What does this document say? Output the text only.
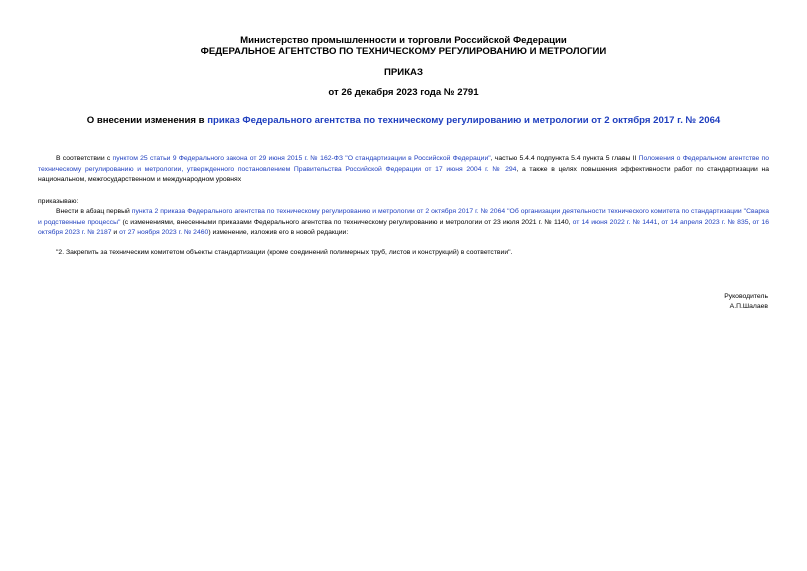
Министерство промышленности и торговли Российской Федерации
ФЕДЕРАЛЬНОЕ АГЕНТСТВО ПО ТЕХНИЧЕСКОМУ РЕГУЛИРОВАНИЮ И МЕТРОЛОГИИ
ПРИКАЗ
от 26 декабря 2023 года № 2791
О внесении изменения в приказ Федерального агентства по техническому регулированию и метрологии от 2 октября 2017 г. № 2064
В соответствии с пунктом 25 статьи 9 Федерального закона от 29 июня 2015 г. № 162-ФЗ "О стандартизации в Российской Федерации", частью 5.4.4 подпункта 5.4 пункта 5 главы II Положения о Федеральном агентстве по техническому регулированию и метрологии, утвержденного постановлением Правительства Российской Федерации от 17 июня 2004 г. № 294, а также в целях повышения эффективности работ по стандартизации на национальном, межгосударственном и международном уровнях
приказываю:
Внести в абзац первый пункта 2 приказа Федерального агентства по техническому регулированию и метрологии от 2 октября 2017 г. № 2064 "Об организации деятельности технического комитета по стандартизации "Сварка и родственные процессы" (с изменениями, внесенными приказами Федерального агентства по техническому регулированию и метрологии от 23 июля 2021 г. № 1140, от 14 июня 2022 г. № 1441, от 14 апреля 2023 г. № 835, от 16 октября 2023 г. № 2187 и от 27 ноября 2023 г. № 2460) изменение, изложив его в новой редакции:
"2. Закрепить за техническим комитетом объекты стандартизации (кроме соединений полимерных труб, листов и конструкций) в соответствии".
Руководитель
А.П.Шалаев
